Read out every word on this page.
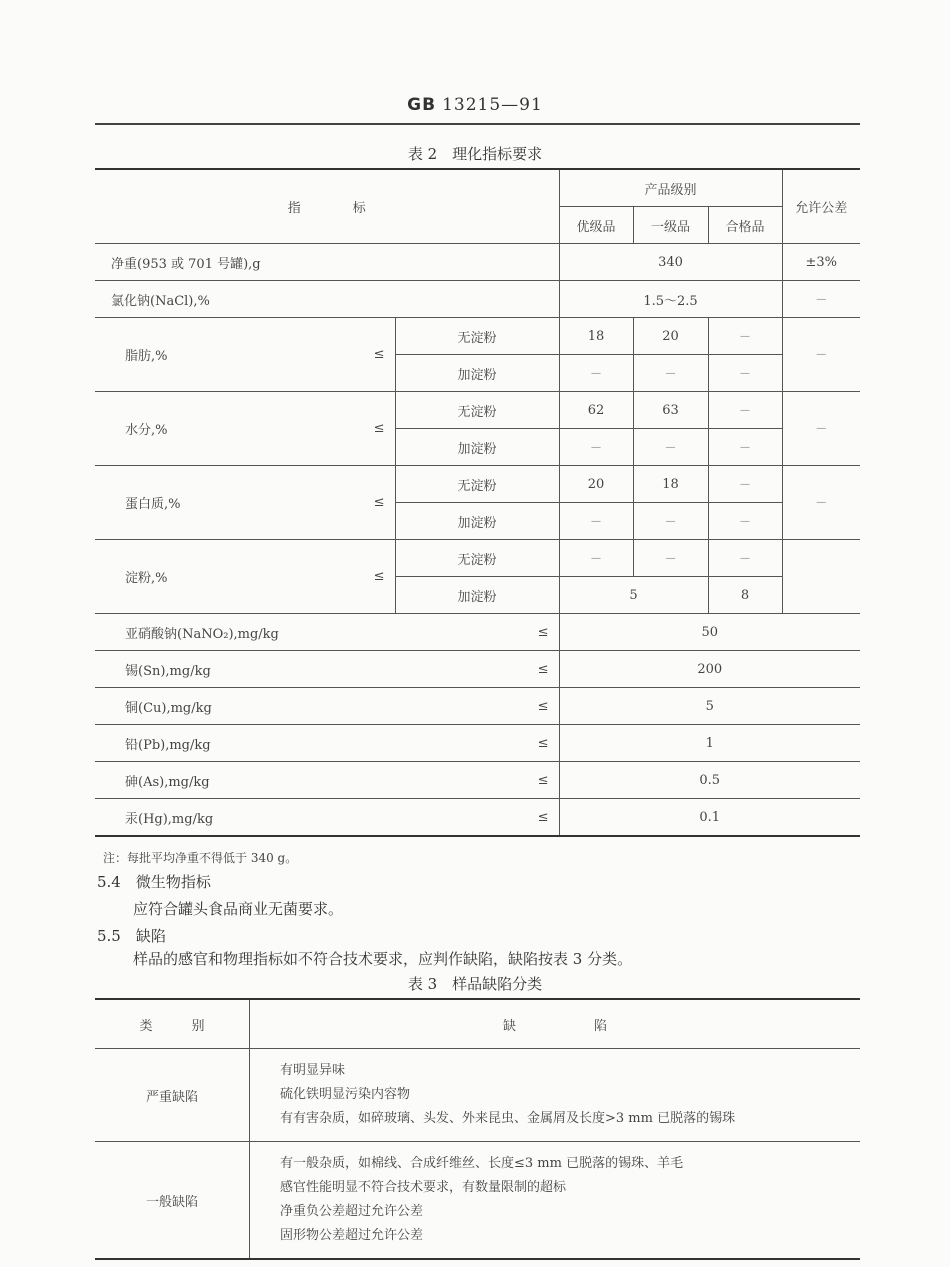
GB 13215—91
表 2　理化指标要求
指　　　　标			产品级别			允许公差
			优级品	一级品	合格品	
净重(953 或 701 号罐),g			340			±3%
氯化钠(NaCl),%			1.5～2.5			—
脂肪,%	≤	无淀粉	18	20	—	—
		加淀粉	—	—	—	
水分,%	≤	无淀粉	62	63	—	—
		加淀粉	—	—	—	
蛋白质,%	≤	无淀粉	20	18	—	—
		加淀粉	—	—	—	
淀粉,%	≤	无淀粉	—	—	—	
		加淀粉	5		8	
亚硝酸钠(NaNO₂),mg/kg		≤	50			
锡(Sn),mg/kg		≤	200			
铜(Cu),mg/kg		≤	5			
铅(Pb),mg/kg		≤	1			
砷(As),mg/kg		≤	0.5			
汞(Hg),mg/kg		≤	0.1			
注：每批平均净重不得低于 340 g。
5.4　微生物指标
应符合罐头食品商业无菌要求。
5.5　缺陷
样品的感官和物理指标如不符合技术要求，应判作缺陷，缺陷按表 3 分类。
表 3　样品缺陷分类
类　　　别	缺　　　　　　陷
严重缺陷	有明显异味
硫化铁明显污染内容物
有有害杂质，如碎玻璃、头发、外来昆虫、金属屑及长度>3 mm 已脱落的锡珠

一般缺陷	有一般杂质，如棉线、合成纤维丝、长度≤3 mm 已脱落的锡珠、羊毛
感官性能明显不符合技术要求，有数量限制的超标
净重负公差超过允许公差
固形物公差超过允许公差
